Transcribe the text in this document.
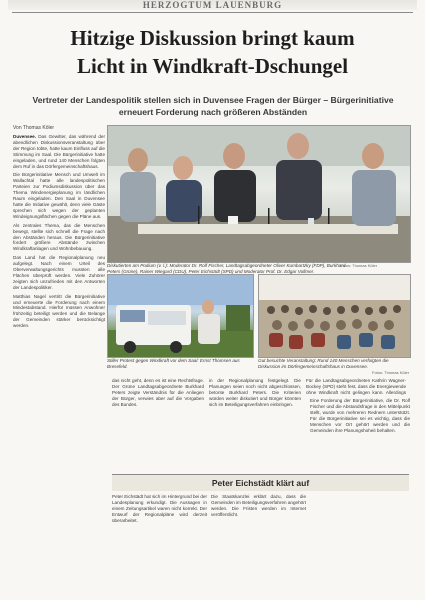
HERZOGTUM LAUENBURG
Hitzige Diskussion bringt kaum
Licht in Windkraft-Dschungel
Vertreter der Landespolitik stellen sich in Duvensee Fragen der Bürger – Bürgerinitiative erneuert Forderung nach größeren Abständen
Von Thomas Köler

Duvensee. Das Gewitter, das während der abendlichen Diskussionsveranstaltung über der Region tobte, hatte kaum Einfluss auf die Stimmung im Saal. Die Bürgerinitiative hatte eingeladen, und rund 140 Menschen folgten dem Ruf in das Dörfergemeinschaftshaus.

Die Bürgerinitiative Mensch und Umwelt im Wallachtal hatte alle landespolitischen Parteien zur Podiumsdiskussion über das Thema Windenergieplanung im ländlichen Raum eingeladen. Den Saal in Duvensee hatte die Initiative gewählt, denn viele Gäste sprechen sich wegen der geplanten Windeignungsflächen gegen die Pläne aus.

Als zentrales Thema, das die Menschen bewegt, stellte sich schnell die Frage nach den Abständen heraus. Die Bürgerinitiative fordert größere Abstände zwischen Windkraftanlagen und Wohnbebauung.

Das Land hat die Regionalplanung neu aufgelegt. Nach einem Urteil des Oberverwaltungsgerichts mussten alle Flächen überprüft werden. Viele Zuhörer zeigten sich unzufrieden mit den Antworten der Landespolitiker.

Matthias Nagel vertritt die Bürgerinitiative und erneuerte die Forderung nach einem Mindestabstand. Hierfür müssen Anwohner frühzeitig beteiligt werden und die Belange der Gemeinden stärker berücksichtigt werden.

Diskutierten am Podium (v. l.): Moderator Dr. Rolf Fischer, Landtagsabgeordneter Oliver Kumbartzky (FDP), Burkhard Peters (Grüne), Rainer Wiegard (CDU), Peter Eichstädt (SPD) und Moderator Prof. Dr. Edgar Vollmer.
Fotos: Thomas Köler
Stiller Protest gegen Windkraft vor dem Saal: Ernst Thomsen aus Bresefeld.
Gut besuchte Veranstaltung: Rund 140 Menschen verfolgten die Diskussion im Dörfergemeinschaftshaus in Duvensee.
Fotos: Thomas Köler
das nicht geht, denn es ist eine Rechtsfrage. Der Grüne Landtagsabgeordnete Burkhard Peters zeigte Verständnis für die Anliegen der Bürger, verwies aber auf die Vorgaben des Bundes.
in der Regionalplanung festgelegt. Die Planungen seien noch nicht abgeschlossen, betonte Burkhard Peters. Die Kriterien würden weiter diskutiert und Bürger könnten sich im Beteiligungsverfahren einbringen.
Für die Landtagsabgeordneten Kathrin Wagner-Bockey (SPD) steht fest, dass die Energiewende ohne Windkraft nicht gelingen kann. Allerdings
Eine Forderung der Bürgerinitiative, die Dr. Rolf Fischer und die Abstandsfrage in den Mittelpunkt stellt, wurde von mehreren Rednern unterstützt. Für die Bürgerinitiative sei es wichtig, dass die Menschen vor Ort gehört werden und die Gemeinden ihre Planungshoheit behalten.
Peter Eichstädt klärt auf
Peter Eichstädt hat sich im Hintergrund bei der Landesplanung erkundigt. Die Aussagen in einem Zeitungsartikel waren nicht korrekt. Der Entwurf der Regionalpläne wird derzeit überarbeitet.
Die Staatskanzlei erklärt dazu, dass die Gemeinden im Beteiligungsverfahren angehört werden. Die Fristen werden im Internet veröffentlicht.
